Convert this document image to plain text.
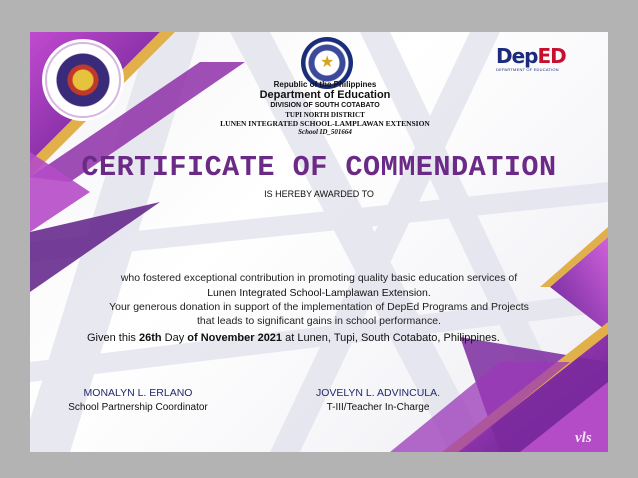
★	DepED
DEPARTMENT OF EDUCATION
Republic of the Philippines
Department of Education
DIVISION OF SOUTH COTABATO
TUPI NORTH DISTRICT
LUNEN INTEGRATED SCHOOL-LAMPLAWAN EXTENSION
School ID_501664
CERTIFICATE OF COMMENDATION
IS HEREBY AWARDED TO
who fostered exceptional contribution in promoting quality basic education services of
Lunen Integrated School-Lamplawan Extension.
Your generous donation in support of the implementation of DepEd Programs and Projects
that leads to significant gains in school performance.
Given this 26th Day of November 2021 at Lunen, Tupi, South Cotabato, Philippines.
MONALYN L. ERLANO
School Partnership Coordinator
JOVELYN L. ADVINCULA.
T-III/Teacher In-Charge
vls
